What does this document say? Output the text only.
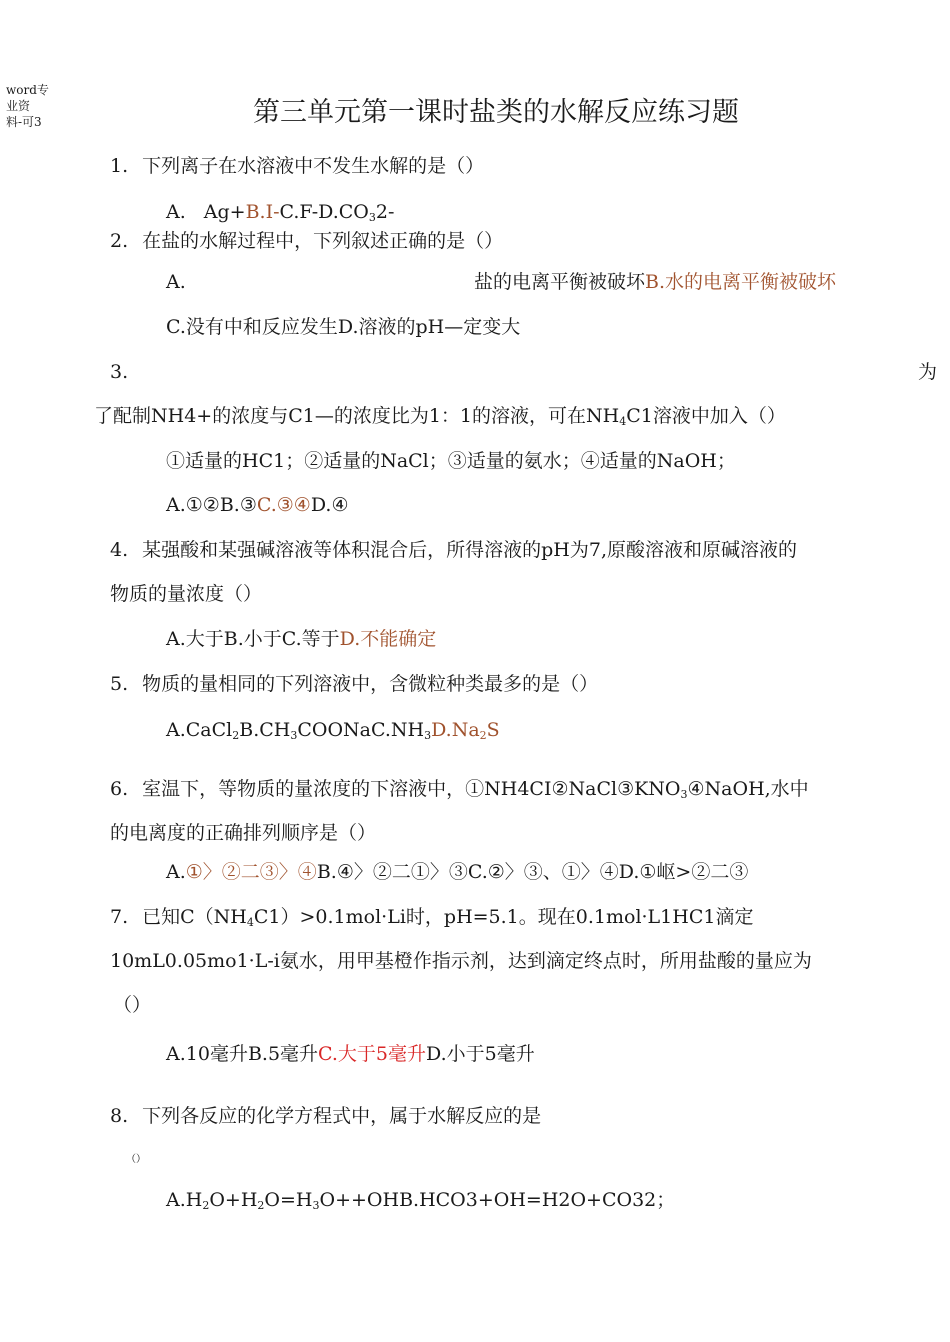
word专
业资
料-可3	第三单元第一课时盐类的水解反应练习题
1. 下列离子在水溶液中不发生水解的是（）
A. $Ag+B.I-C.F-D.CO_32-$
2. 在盐的水解过程中，下列叙述正确的是（）
A.	盐的电离平衡被破坏B.水的电离平衡被破坏
C.没有中和反应发生D.溶液的pH—定变大
3.	为
了配制NH4+的浓度与C1—的浓度比为1：1的溶液，可在$NH_4C1$溶液中加入（）
①适量的HC1；②适量的NaCl；③适量的氨水；④适量的NaOH；
A.①②B.③C.③④D.④
4. 某强酸和某强碱溶液等体积混合后，所得溶液的pH为7,原酸溶液和原碱溶液的
物质的量浓度（）
A.大于B.小于C.等于D.不能确定
5. 物质的量相同的下列溶液中，含微粒种类最多的是（）
$A.CaCl_2B.CH_3COONaC.NH_3D.Na_2S$
6. 室温下，等物质的量浓度的下溶液中，$①NH4CI②NaCl③KNO_3④NaOH$,水中
的电离度的正确排列顺序是（）
A.①〉②二③〉④B.④〉②二①〉③C.②〉③、①〉④D.①岖>②二③
7. 已知$C(NH_4C1)>0.1mol\cdot Li$时，pH=5.1。现在0.1mol·L1HC1滴定
10mL0.05mo1·L-i氨水，用甲基橙作指示剂，达到滴定终点时，所用盐酸的量应为
（）
A.10毫升B.5毫升C.大于5毫升D.小于5毫升
8. 下列各反应的化学方程式中，属于水解反应的是
（）
$A.H_2O+H_2O=H_3O++OHB.HCO3+OH=H2O+CO32$；
